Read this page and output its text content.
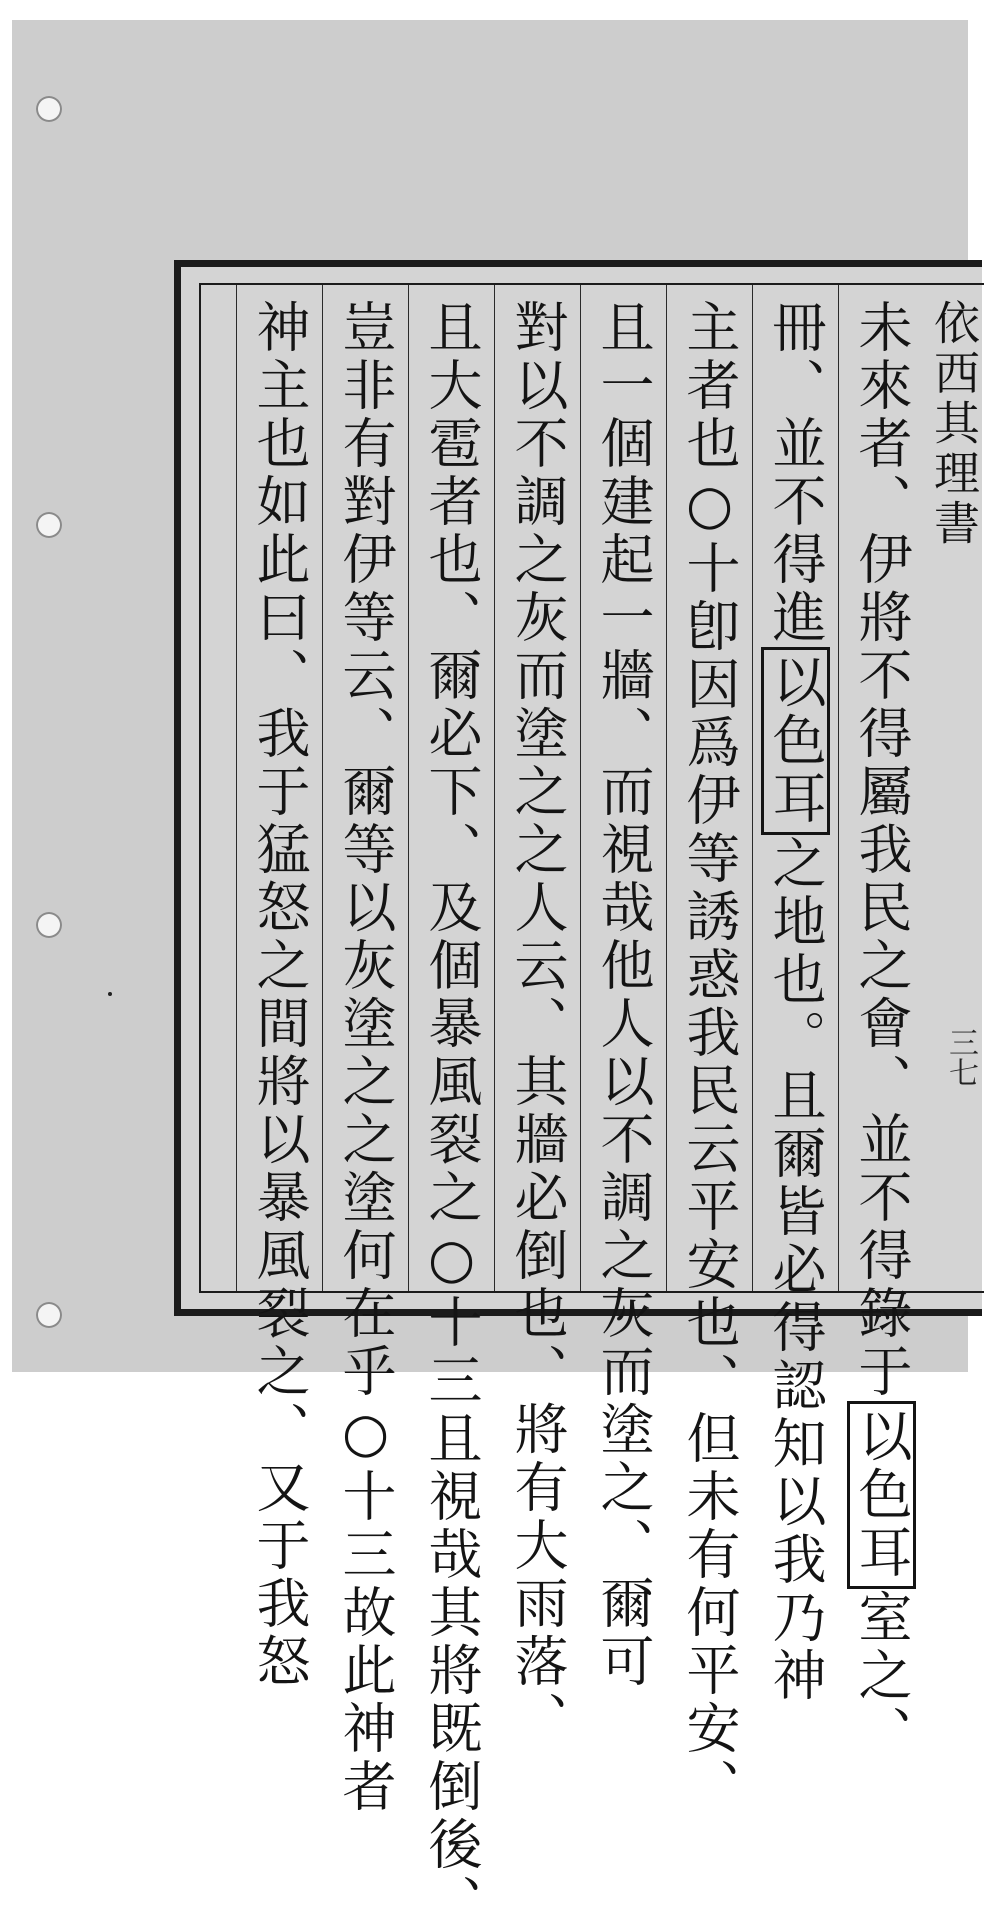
依西其理書
未來者、伊將不得屬我民之會、並不得錄于以色耳室之、
冊、並不得進以色耳之地也。且爾皆必得認知以我乃神
主者也○十卽因爲伊等誘惑我民云平安也、但未有何平安、
且一個建起一牆、而視哉他人以不調之灰而塗之、爾可
對以不調之灰而塗之之人云、其牆必倒也、將有大雨落、
且大雹者也、爾必下、及個暴風裂之○十三且視哉其將既倒後、
豈非有對伊等云、爾等以灰塗之之塗何在乎○十三故此神者
神主也如此曰、我于猛怒之間將以暴風裂之、又于我怒	三七
